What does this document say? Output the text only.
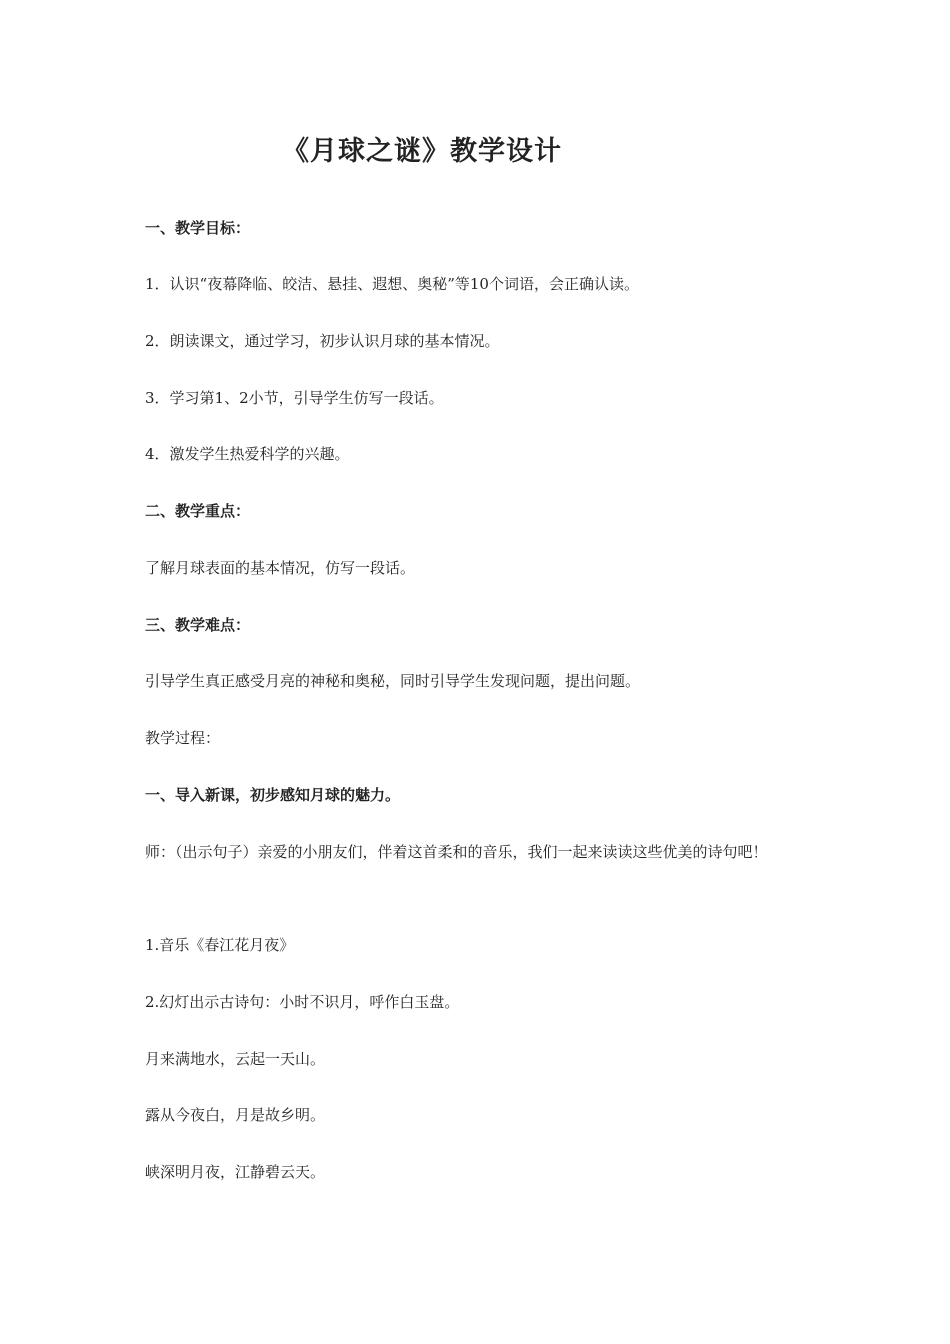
《月球之谜》教学设计
一、教学目标：
1．认识“夜幕降临、皎洁、悬挂、遐想、奥秘”等10个词语，会正确认读。
2．朗读课文，通过学习，初步认识月球的基本情况。
3．学习第1、2小节，引导学生仿写一段话。
4．激发学生热爱科学的兴趣。
二、教学重点：
了解月球表面的基本情况，仿写一段话。
三、教学难点：
引导学生真正感受月亮的神秘和奥秘，同时引导学生发现问题，提出问题。
教学过程：
一、导入新课，初步感知月球的魅力。
师：（出示句子）亲爱的小朋友们，伴着这首柔和的音乐，我们一起来读读这些优美的诗句吧！
1.音乐《春江花月夜》
2.幻灯出示古诗句：小时不识月，呼作白玉盘。
月来满地水，云起一天山。
露从今夜白，月是故乡明。
峡深明月夜，江静碧云天。
